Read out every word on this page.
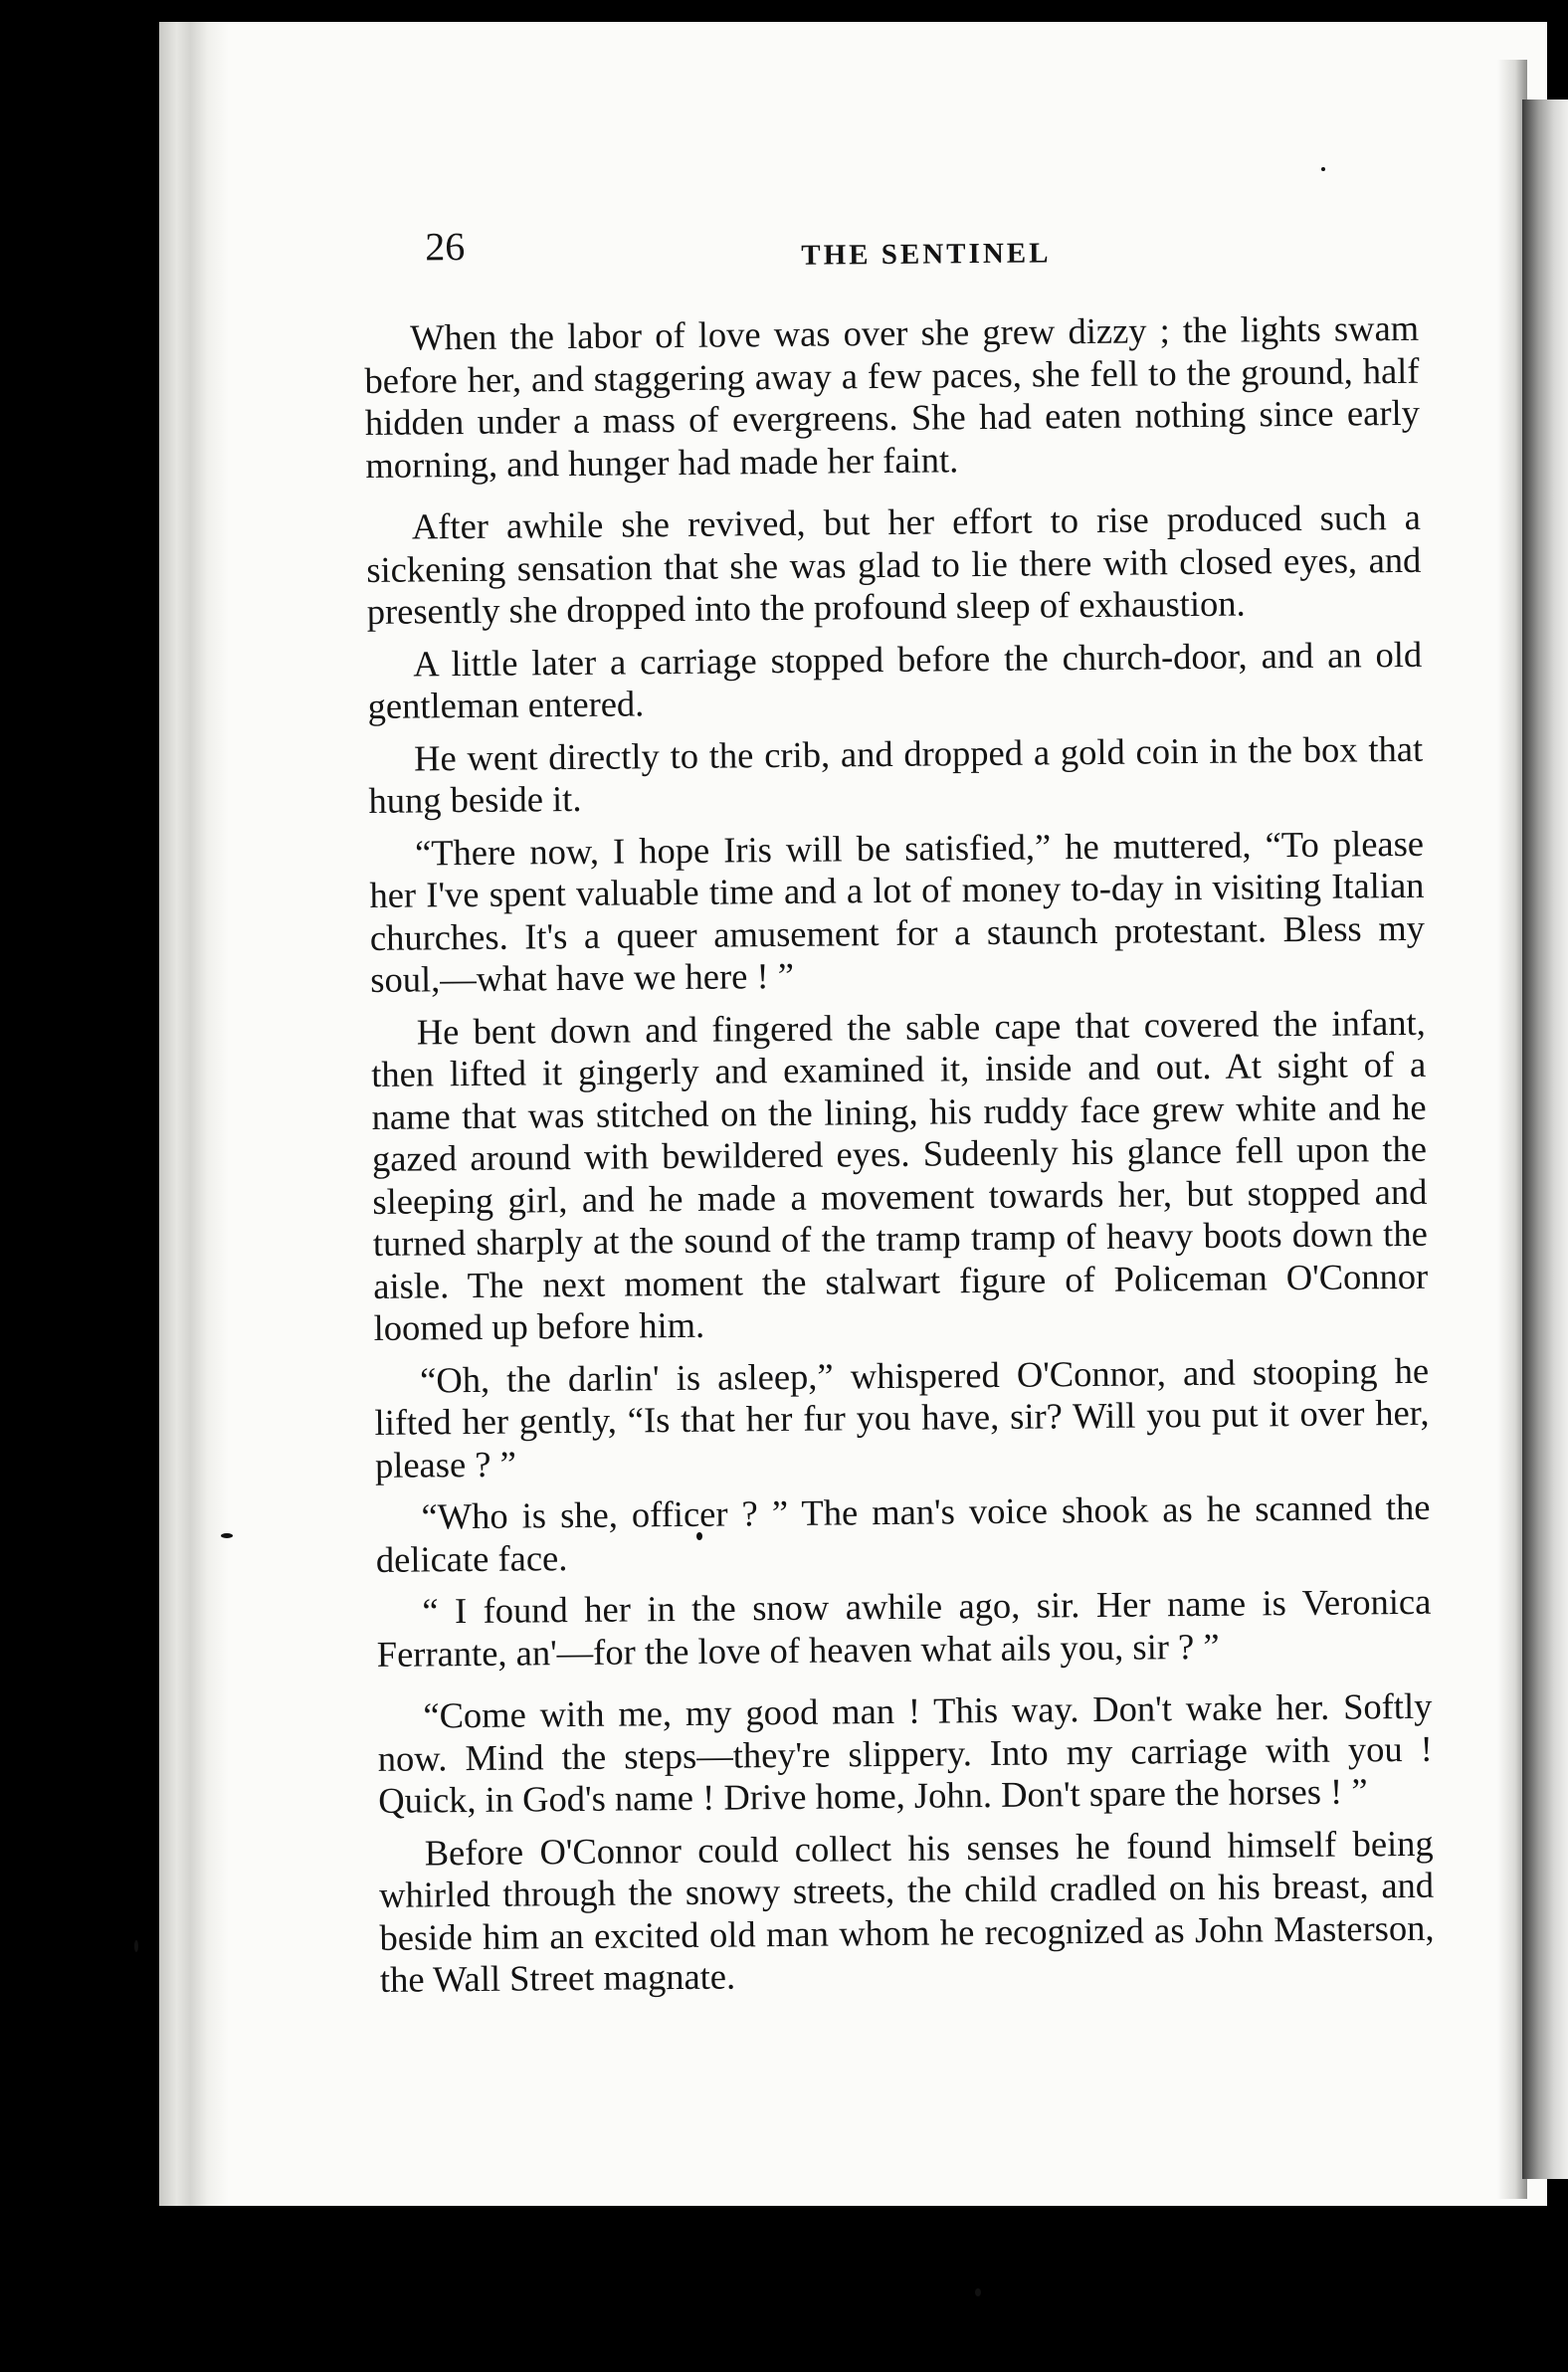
26	THE SENTINEL

When the labor of love was over she grew dizzy ; the lights swam before her, and staggering away a few paces, she fell to the ground, half hidden under a mass of evergreens. She had eaten nothing since early morning, and hunger had made her faint.

After awhile she revived, but her effort to rise produced such a sickening sensation that she was glad to lie there with closed eyes, and presently she dropped into the profound sleep of exhaustion.

A little later a carriage stopped before the church-door, and an old gentleman entered.

He went directly to the crib, and dropped a gold coin in the box that hung beside it.

“There now, I hope Iris will be satisfied,” he muttered, “To please her I've spent valuable time and a lot of money to-day in visiting Italian churches. It's a queer amusement for a staunch protestant. Bless my soul,—what have we here ! ”

He bent down and fingered the sable cape that covered the infant, then lifted it gingerly and examined it, inside and out. At sight of a name that was stitched on the lining, his ruddy face grew white and he gazed around with bewildered eyes. Sudeenly his glance fell upon the sleeping girl, and he made a movement towards her, but stopped and turned sharply at the sound of the tramp tramp of heavy boots down the aisle. The next moment the stalwart figure of Policeman O'Connor loomed up before him.

“Oh, the darlin' is asleep,” whispered O'Connor, and stooping he lifted her gently, “Is that her fur you have, sir? Will you put it over her, please ? ”

“Who is she, officer ? ” The man's voice shook as he scanned the delicate face.

“ I found her in the snow awhile ago, sir. Her name is Veronica Ferrante, an'—for the love of heaven what ails you, sir ? ”

“Come with me, my good man ! This way. Don't wake her. Softly now. Mind the steps—they're slippery. Into my carriage with you ! Quick, in God's name ! Drive home, John. Don't spare the horses ! ”

Before O'Connor could collect his senses he found himself being whirled through the snowy streets, the child cradled on his breast, and beside him an excited old man whom he recognized as John Masterson, the Wall Street magnate.
